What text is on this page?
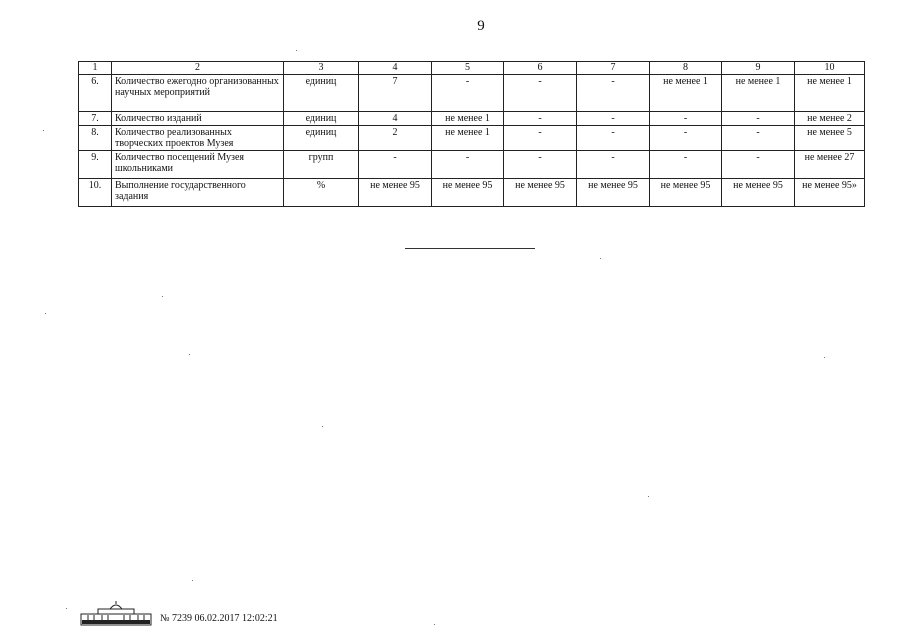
9
1	2	3	4	5	6	7	8	9	10
6.	Количество ежегодно организованных научных мероприятий	единиц	7	-	-	-	не менее 1	не менее 1	не менее 1
7.	Количество изданий	единиц	4	не менее 1	-	-	-	-	не менее 2
8.	Количество реализованных творческих проектов Музея	единиц	2	не менее 1	-	-	-	-	не менее 5
9.	Количество посещений Музея школьниками	групп	-	-	-	-	-	-	не менее 27
10.	Выполнение государственного задания	%	не менее 95	не менее 95	не менее 95	не менее 95	не менее 95	не менее 95	не менее 95»
№ 7239 06.02.2017 12:02:21
